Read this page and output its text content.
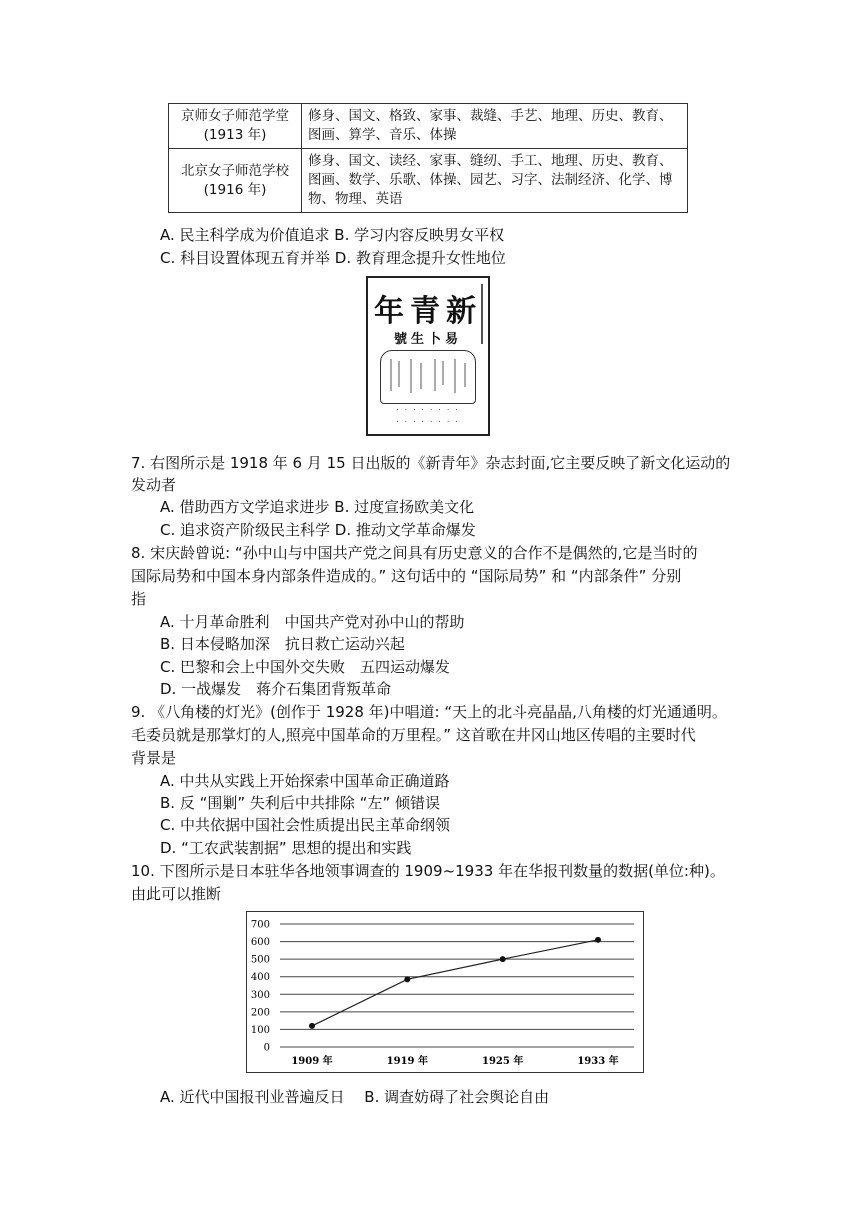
京师女子师范学堂
(1913 年)	修身、国文、格致、家事、裁缝、手艺、地理、历史、教育、图画、算学、音乐、体操

北京女子师范学校
(1916 年)	修身、国文、读经、家事、缝纫、手工、地理、历史、教育、图画、数学、乐歌、体操、园艺、习字、法制经济、化学、博物、物理、英语
A. 民主科学成为价值追求 B. 学习内容反映男女平权
C. 科目设置体现五育并举 D. 教育理念提升女性地位
年青新
號生卜易
· · · · · · · ·
· · · · · · · ·
7. 右图所示是 1918 年 6 月 15 日出版的《新青年》杂志封面,它主要反映了新文化运动的
发动者
A. 借助西方文学追求进步 B. 过度宣扬欧美文化
C. 追求资产阶级民主科学 D. 推动文学革命爆发
8. 宋庆龄曾说: “孙中山与中国共产党之间具有历史意义的合作不是偶然的,它是当时的
国际局势和中国本身内部条件造成的。” 这句话中的 “国际局势” 和 “内部条件” 分别
指
A. 十月革命胜利　中国共产党对孙中山的帮助
B. 日本侵略加深　抗日救亡运动兴起
C. 巴黎和会上中国外交失败　五四运动爆发
D. 一战爆发　蒋介石集团背叛革命
9. 《八角楼的灯光》(创作于 1928 年)中唱道: “天上的北斗亮晶晶,八角楼的灯光通通明。
毛委员就是那掌灯的人,照亮中国革命的万里程。” 这首歌在井冈山地区传唱的主要时代
背景是
A. 中共从实践上开始探索中国革命正确道路
B. 反 “围剿” 失利后中共排除 “左” 倾错误
C. 中共依据中国社会性质提出民主革命纲领
D. “工农武装割据” 思想的提出和实践
10. 下图所示是日本驻华各地领事调查的 1909~1933 年在华报刊数量的数据(单位:种)。
由此可以推断
0
100
200
300
400
500
600
700
1909 年	1919 年	1925 年	1933 年
A. 近代中国报刊业普遍反日　 B. 调查妨碍了社会舆论自由
